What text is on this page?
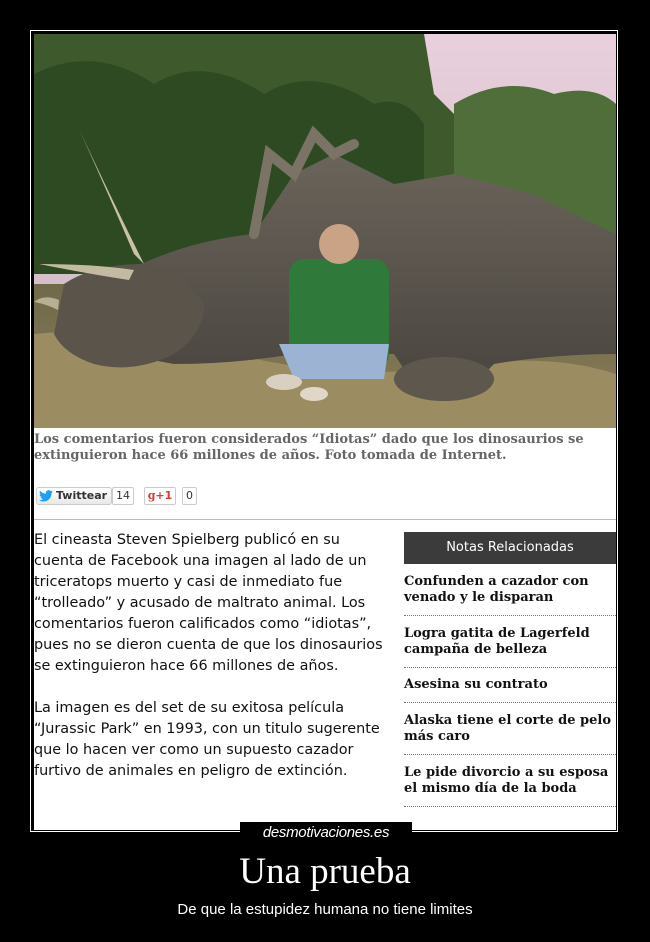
Los comentarios fueron considerados “Idiotas” dado que los dinosaurios se extinguieron hace 66 millones de años. Foto tomada de Internet.
Twittear 14	g+1	0

El cineasta Steven Spielberg publicó en su cuenta de Facebook una imagen al lado de un triceratops muerto y casi de inmediato fue “trolleado” y acusado de maltrato animal. Los comentarios fueron calificados como “idiotas”, pues no se dieron cuenta de que los dinosaurios se extinguieron hace 66 millones de años.

La imagen es del set de su exitosa película “Jurassic Park” en 1993, con un titulo sugerente que lo hacen ver como un supuesto cazador furtivo de animales en peligro de extinción.

Notas Relacionadas
Confunden a cazador con venado y le disparan
Logra gatita de Lagerfeld campaña de belleza
Asesina su contrato
Alaska tiene el corte de pelo más caro
Le pide divorcio a su esposa el mismo día de la boda
desmotivaciones.es
Una prueba
De que la estupidez humana no tiene limites
